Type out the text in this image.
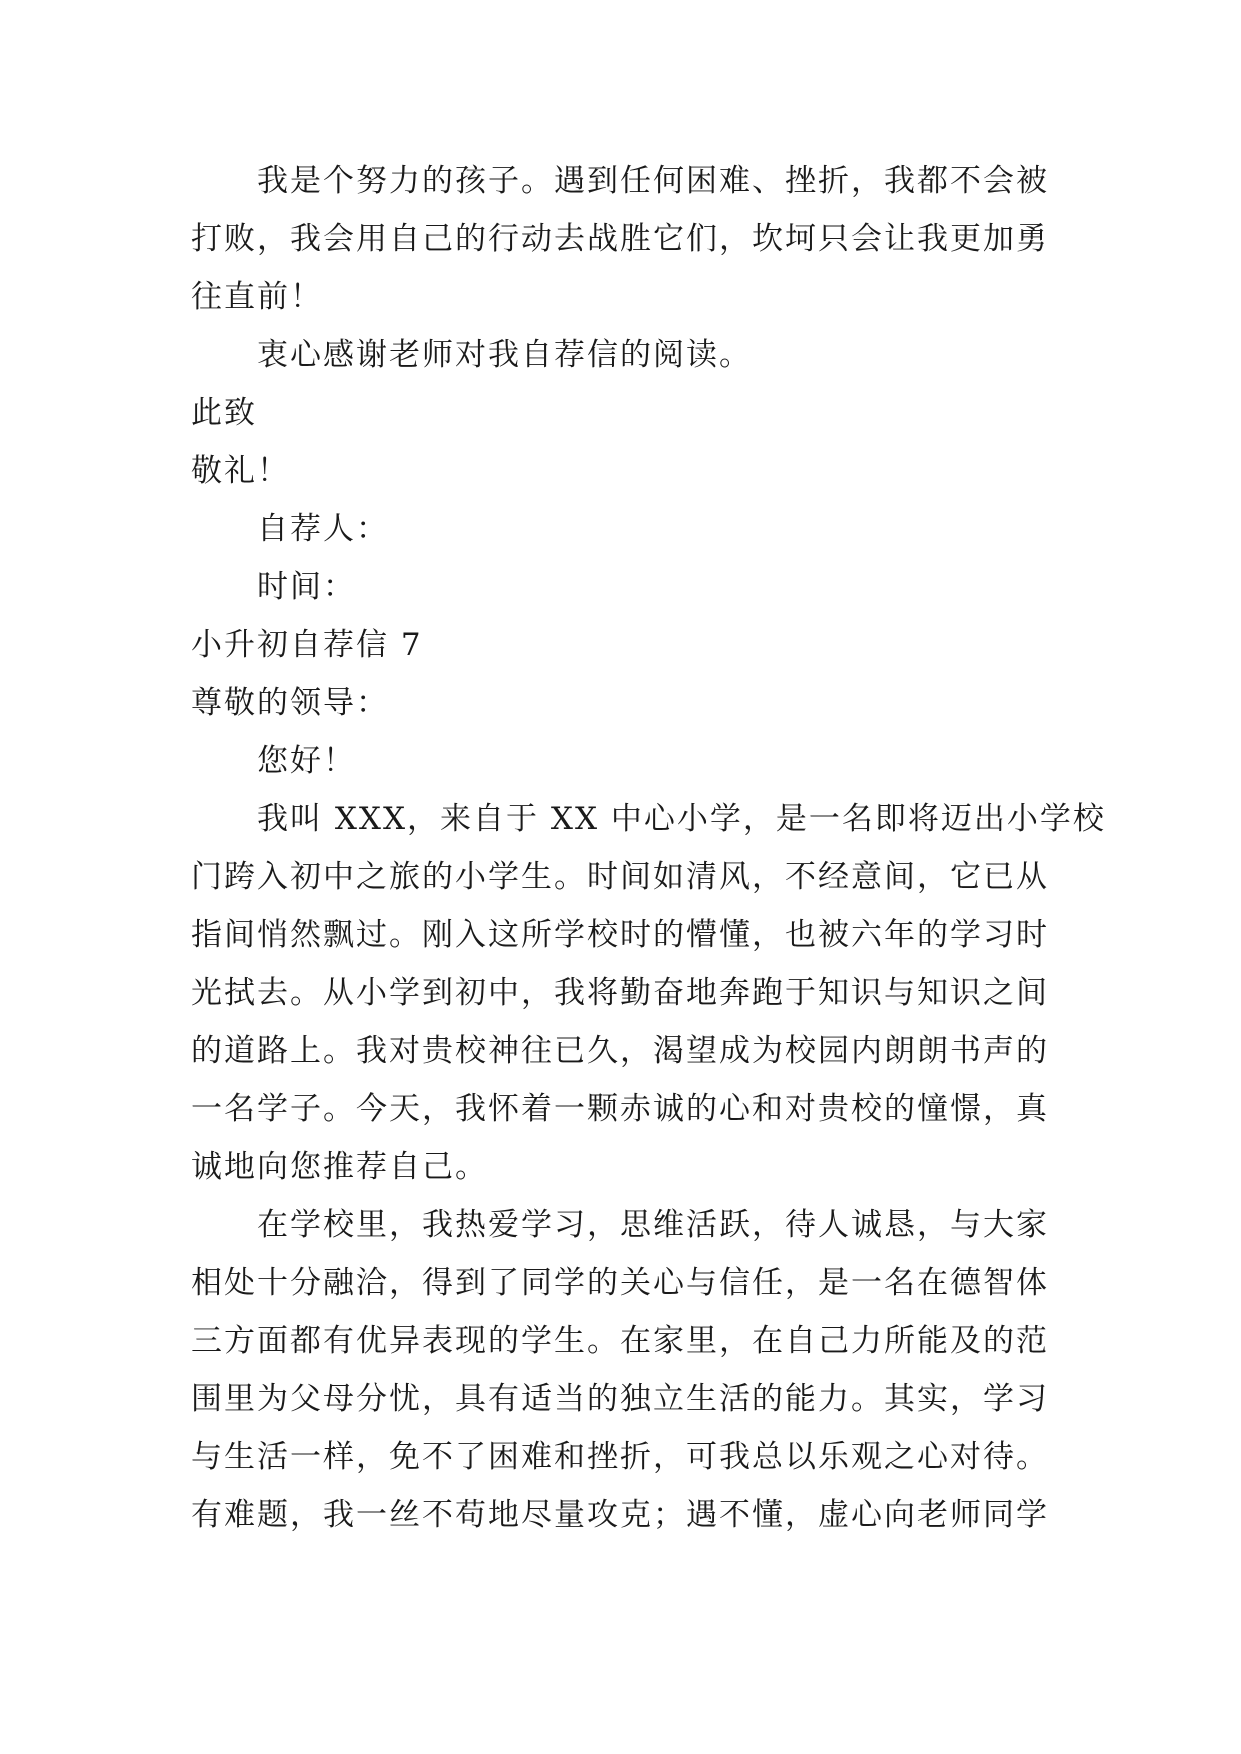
我是个努力的孩子。遇到任何困难、挫折，我都不会被
打败，我会用自己的行动去战胜它们，坎坷只会让我更加勇
往直前！
衷心感谢老师对我自荐信的阅读。
此致
敬礼！
自荐人：
时间：
小升初自荐信 7
尊敬的领导：
您好！
我叫 XXX，来自于 XX 中心小学，是一名即将迈出小学校
门跨入初中之旅的小学生。时间如清风，不经意间，它已从
指间悄然飘过。刚入这所学校时的懵懂，也被六年的学习时
光拭去。从小学到初中，我将勤奋地奔跑于知识与知识之间
的道路上。我对贵校神往已久，渴望成为校园内朗朗书声的
一名学子。今天，我怀着一颗赤诚的心和对贵校的憧憬，真
诚地向您推荐自己。
在学校里，我热爱学习，思维活跃，待人诚恳，与大家
相处十分融洽，得到了同学的关心与信任，是一名在德智体
三方面都有优异表现的学生。在家里，在自己力所能及的范
围里为父母分忧，具有适当的独立生活的能力。其实，学习
与生活一样，免不了困难和挫折，可我总以乐观之心对待。
有难题，我一丝不苟地尽量攻克；遇不懂，虚心向老师同学
